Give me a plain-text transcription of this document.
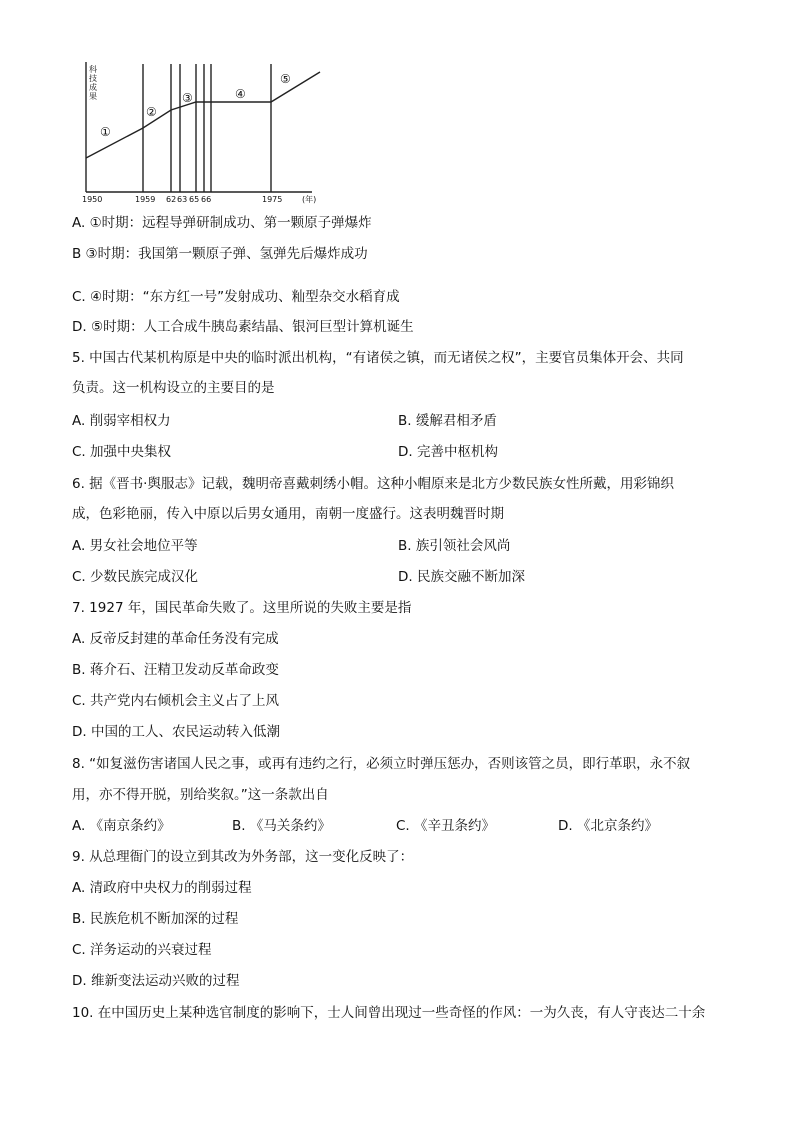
科 技 成 果
①
②
③	④
⑤
1950	1959 62 63 65 66	1975 (年)
A. ①时期：远程导弹研制成功、第一颗原子弹爆炸
B ③时期：我国第一颗原子弹、氢弹先后爆炸成功
C. ④时期：“东方红一号”发射成功、籼型杂交水稻育成
D. ⑤时期：人工合成牛胰岛素结晶、银河巨型计算机诞生
5. 中国古代某机构原是中央的临时派出机构，“有诸侯之镇，而无诸侯之权”，主要官员集体开会、共同
负责。这一机构设立的主要目的是
A. 削弱宰相权力	B. 缓解君相矛盾
C. 加强中央集权	D. 完善中枢机构
6. 据《晋书·舆服志》记载，魏明帝喜戴刺绣小帽。这种小帽原来是北方少数民族女性所戴，用彩锦织
成，色彩艳丽，传入中原以后男女通用，南朝一度盛行。这表明魏晋时期
A. 男女社会地位平等	B. 族引领社会风尚
C. 少数民族完成汉化	D. 民族交融不断加深
7. 1927 年，国民革命失败了。这里所说的失败主要是指
A. 反帝反封建的革命任务没有完成
B. 蒋介石、汪精卫发动反革命政变
C. 共产党内右倾机会主义占了上风
D. 中国的工人、农民运动转入低潮
8. “如复滋伤害诸国人民之事，或再有违约之行，必须立时弹压惩办，否则该管之员，即行革职，永不叙
用，亦不得开脱，别给奖叙。”这一条款出自
A. 《南京条约》	B. 《马关条约》	C. 《辛丑条约》	D. 《北京条约》
9. 从总理衙门的设立到其改为外务部，这一变化反映了：
A. 清政府中央权力的削弱过程
B. 民族危机不断加深的过程
C. 洋务运动的兴衰过程
D. 维新变法运动兴败的过程
10. 在中国历史上某种选官制度的影响下，士人间曾出现过一些奇怪的作风：一为久丧，有人守丧达二十余
